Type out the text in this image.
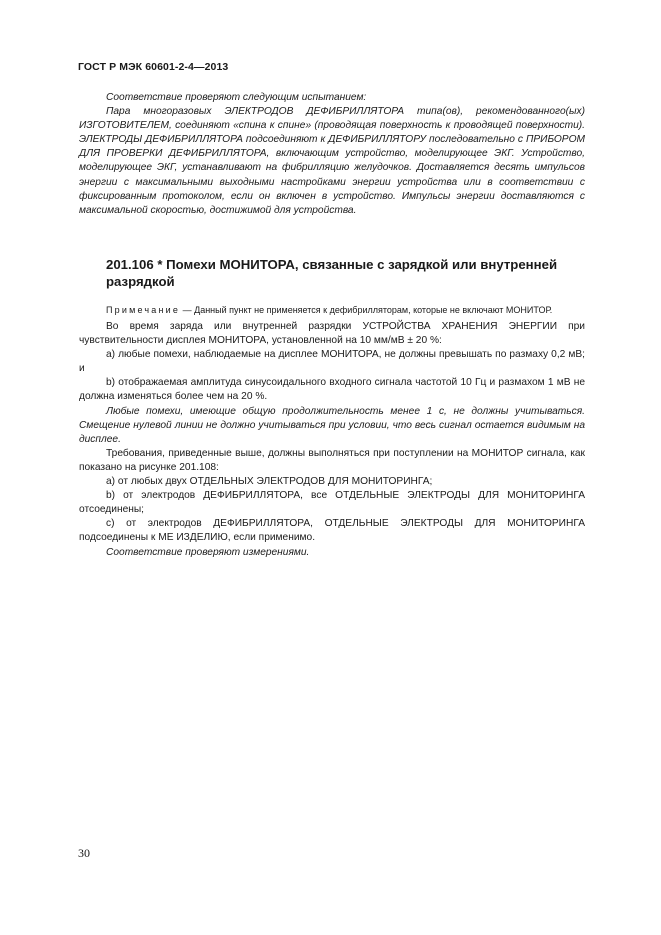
ГОСТ Р МЭК 60601-2-4—2013

Соответствие проверяют следующим испытанием:

Пара многоразовых ЭЛЕКТРОДОВ ДЕФИБРИЛЛЯТОРА типа(ов), рекомендованного(ых) ИЗГОТОВИТЕЛЕМ, соединяют «спина к спине» (проводящая поверхность к проводящей поверхности). ЭЛЕКТРОДЫ ДЕФИБРИЛЛЯТОРА подсоединяют к ДЕФИБРИЛЛЯТОРУ последовательно с ПРИБОРОМ ДЛЯ ПРОВЕРКИ ДЕФИБРИЛЛЯТОРА, включающим устройство, моделирующее ЭКГ. Устройство, моделирующее ЭКГ, устанавливают на фибрилляцию желудочков. Доставляется десять импульсов энергии с максимальными выходными настройками энергии устройства или в соответствии с фиксированным протоколом, если он включен в устройство. Импульсы энергии доставляются с максимальной скоростью, достижимой для устройства.

201.106 * Помехи МОНИТОРА, связанные с зарядкой или внутренней разрядкой
Примечание — Данный пункт не применяется к дефибрилляторам, которые не включают МОНИТОР.

Во время заряда или внутренней разрядки УСТРОЙСТВА ХРАНЕНИЯ ЭНЕРГИИ при чувствительности дисплея МОНИТОРА, установленной на 10 мм/мВ ± 20 %:

a) любые помехи, наблюдаемые на дисплее МОНИТОРА, не должны превышать по размаху 0,2 мВ; и

b) отображаемая амплитуда синусоидального входного сигнала частотой 10 Гц и размахом 1 мВ не должна изменяться более чем на 20 %.

Любые помехи, имеющие общую продолжительность менее 1 с, не должны учитываться. Смещение нулевой линии не должно учитываться при условии, что весь сигнал остается видимым на дисплее.

Требования, приведенные выше, должны выполняться при поступлении на МОНИТОР сигнала, как показано на рисунке 201.108:

a) от любых двух ОТДЕЛЬНЫХ ЭЛЕКТРОДОВ ДЛЯ МОНИТОРИНГА;

b) от электродов ДЕФИБРИЛЛЯТОРА, все ОТДЕЛЬНЫЕ ЭЛЕКТРОДЫ ДЛЯ МОНИТОРИНГА отсоединены;

c) от электродов ДЕФИБРИЛЛЯТОРА, ОТДЕЛЬНЫЕ ЭЛЕКТРОДЫ ДЛЯ МОНИТОРИНГА подсоединены к МЕ ИЗДЕЛИЮ, если применимо.

Соответствие проверяют измерениями.

30
